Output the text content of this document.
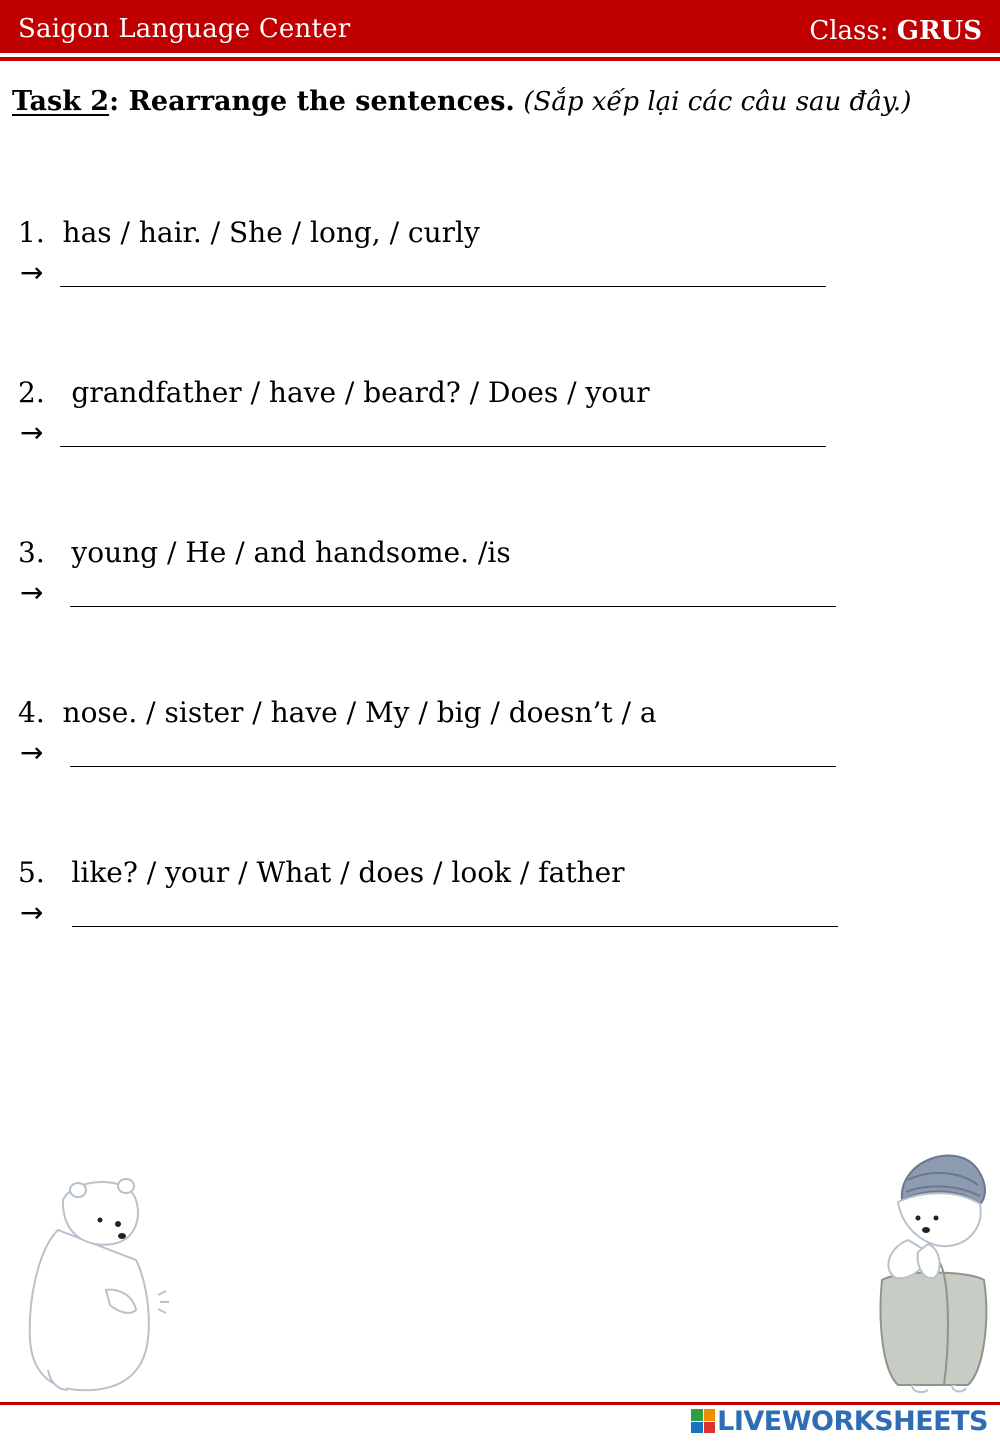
Saigon Language Center	Class: GRUS
Task 2: Rearrange the sentences. (Sắp xếp lại các câu sau đây.)
1. has / hair. / She / long, / curly
→
2. grandfather / have / beard? / Does / your
→
3. young / He / and handsome. /is
→
4. nose. / sister / have / My / big / doesn’t / a
→
5. like? / your / What / does / look / father
→
LIVEWORKSHEETS
